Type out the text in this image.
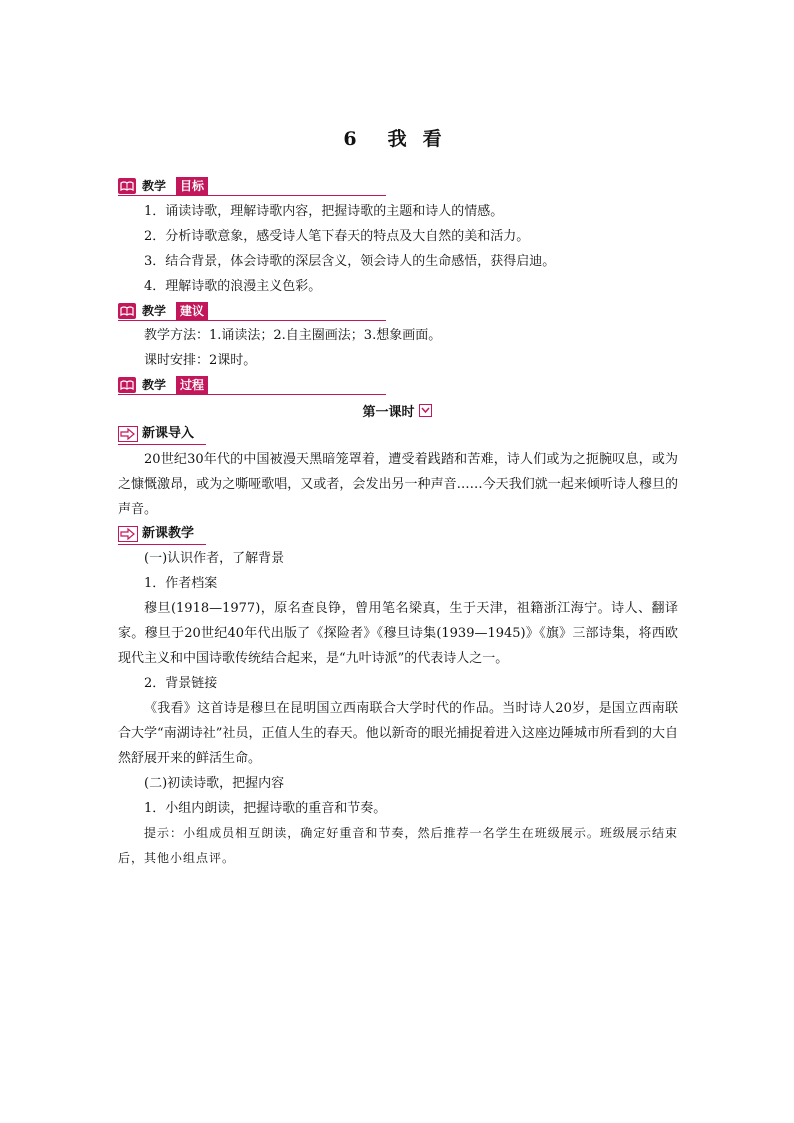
6 我 看
教学	目标
1．诵读诗歌，理解诗歌内容，把握诗歌的主题和诗人的情感。
2．分析诗歌意象，感受诗人笔下春天的特点及大自然的美和活力。
3．结合背景，体会诗歌的深层含义，领会诗人的生命感悟，获得启迪。
4．理解诗歌的浪漫主义色彩。
教学	建议
教学方法：1.诵读法；2.自主圈画法；3.想象画面。
课时安排：2课时。
教学	过程
第一课时
新课导入
20世纪30年代的中国被漫天黑暗笼罩着，遭受着践踏和苦难，诗人们或为之扼腕叹息，或为之慷慨激昂，或为之嘶哑歌唱，又或者，会发出另一种声音……今天我们就一起来倾听诗人穆旦的声音。
新课教学
(一)认识作者，了解背景
1．作者档案
穆旦(1918—1977)，原名查良铮，曾用笔名梁真，生于天津，祖籍浙江海宁。诗人、翻译家。穆旦于20世纪40年代出版了《探险者》《穆旦诗集(1939—1945)》《旗》三部诗集，将西欧现代主义和中国诗歌传统结合起来，是“九叶诗派”的代表诗人之一。
2．背景链接
《我看》这首诗是穆旦在昆明国立西南联合大学时代的作品。当时诗人20岁，是国立西南联合大学“南湖诗社”社员，正值人生的春天。他以新奇的眼光捕捉着进入这座边陲城市所看到的大自然舒展开来的鲜活生命。
(二)初读诗歌，把握内容
1．小组内朗读，把握诗歌的重音和节奏。
提示：小组成员相互朗读，确定好重音和节奏，然后推荐一名学生在班级展示。班级展示结束后，其他小组点评。
